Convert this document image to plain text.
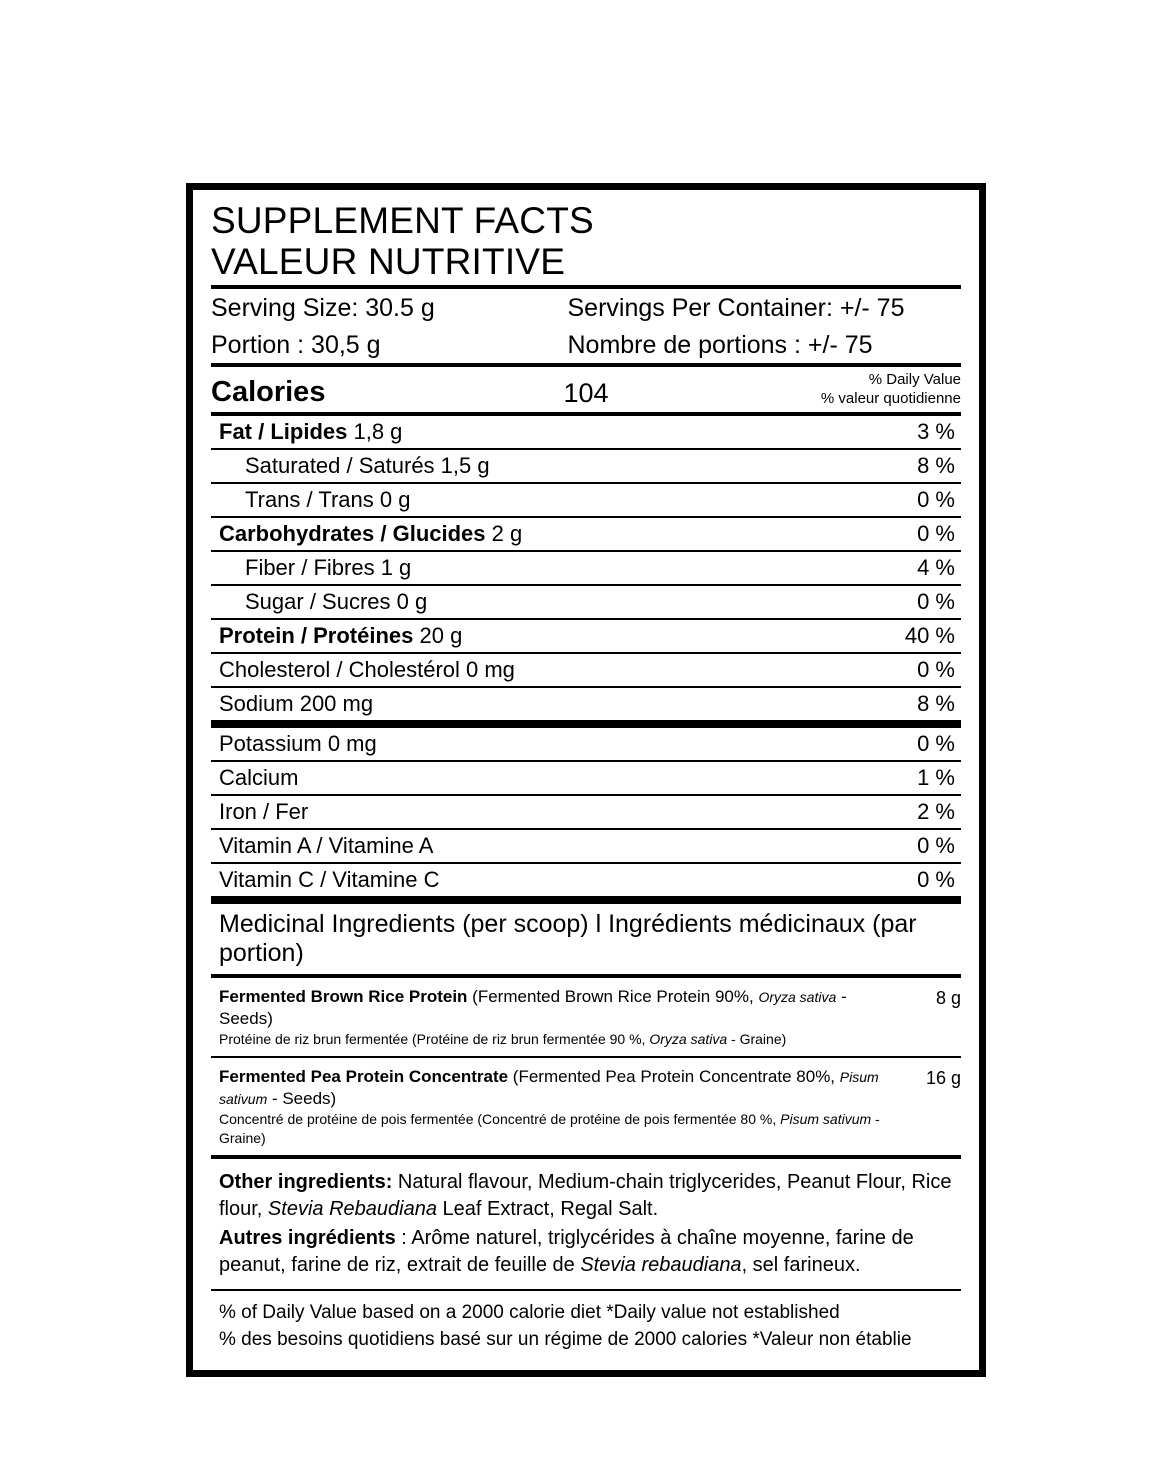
SUPPLEMENT FACTS
VALEUR NUTRITIVE
Serving Size: 30.5 g	Servings Per Container: +/- 75
Portion : 30,5 g	Nombre de portions : +/- 75
Calories	104	% Daily Value
% valeur quotidienne
Fat / Lipides 1,8 g	3 %
Saturated / Saturés 1,5 g	8 %
Trans / Trans 0 g	0 %
Carbohydrates / Glucides 2 g	0 %
Fiber / Fibres 1 g	4 %
Sugar / Sucres 0 g	0 %
Protein / Protéines 20 g	40 %
Cholesterol / Cholestérol 0 mg	0 %
Sodium 200 mg	8 %
Potassium 0 mg	0 %
Calcium	1 %
Iron / Fer	2 %
Vitamin A / Vitamine A	0 %
Vitamin C / Vitamine C	0 %
Medicinal Ingredients (per scoop) l Ingrédients médicinaux (par portion)
Fermented Brown Rice Protein (Fermented Brown Rice Protein 90%, Oryza sativa - Seeds)
Protéine de riz brun fermentée (Protéine de riz brun fermentée 90 %, Oryza sativa - Graine)
8 g
Fermented Pea Protein Concentrate (Fermented Pea Protein Concentrate 80%, Pisum sativum - Seeds)
Concentré de protéine de pois fermentée (Concentré de protéine de pois fermentée 80 %, Pisum sativum - Graine)
16 g

Other ingredients: Natural flavour, Medium-chain triglycerides, Peanut Flour, Rice flour, Stevia Rebaudiana Leaf Extract, Regal Salt.

Autres ingrédients : Arôme naturel, triglycérides à chaîne moyenne, farine de peanut, farine de riz, extrait de feuille de Stevia rebaudiana, sel farineux.

% of Daily Value based on a 2000 calorie diet *Daily value not established

% des besoins quotidiens basé sur un régime de 2000 calories *Valeur non établie
